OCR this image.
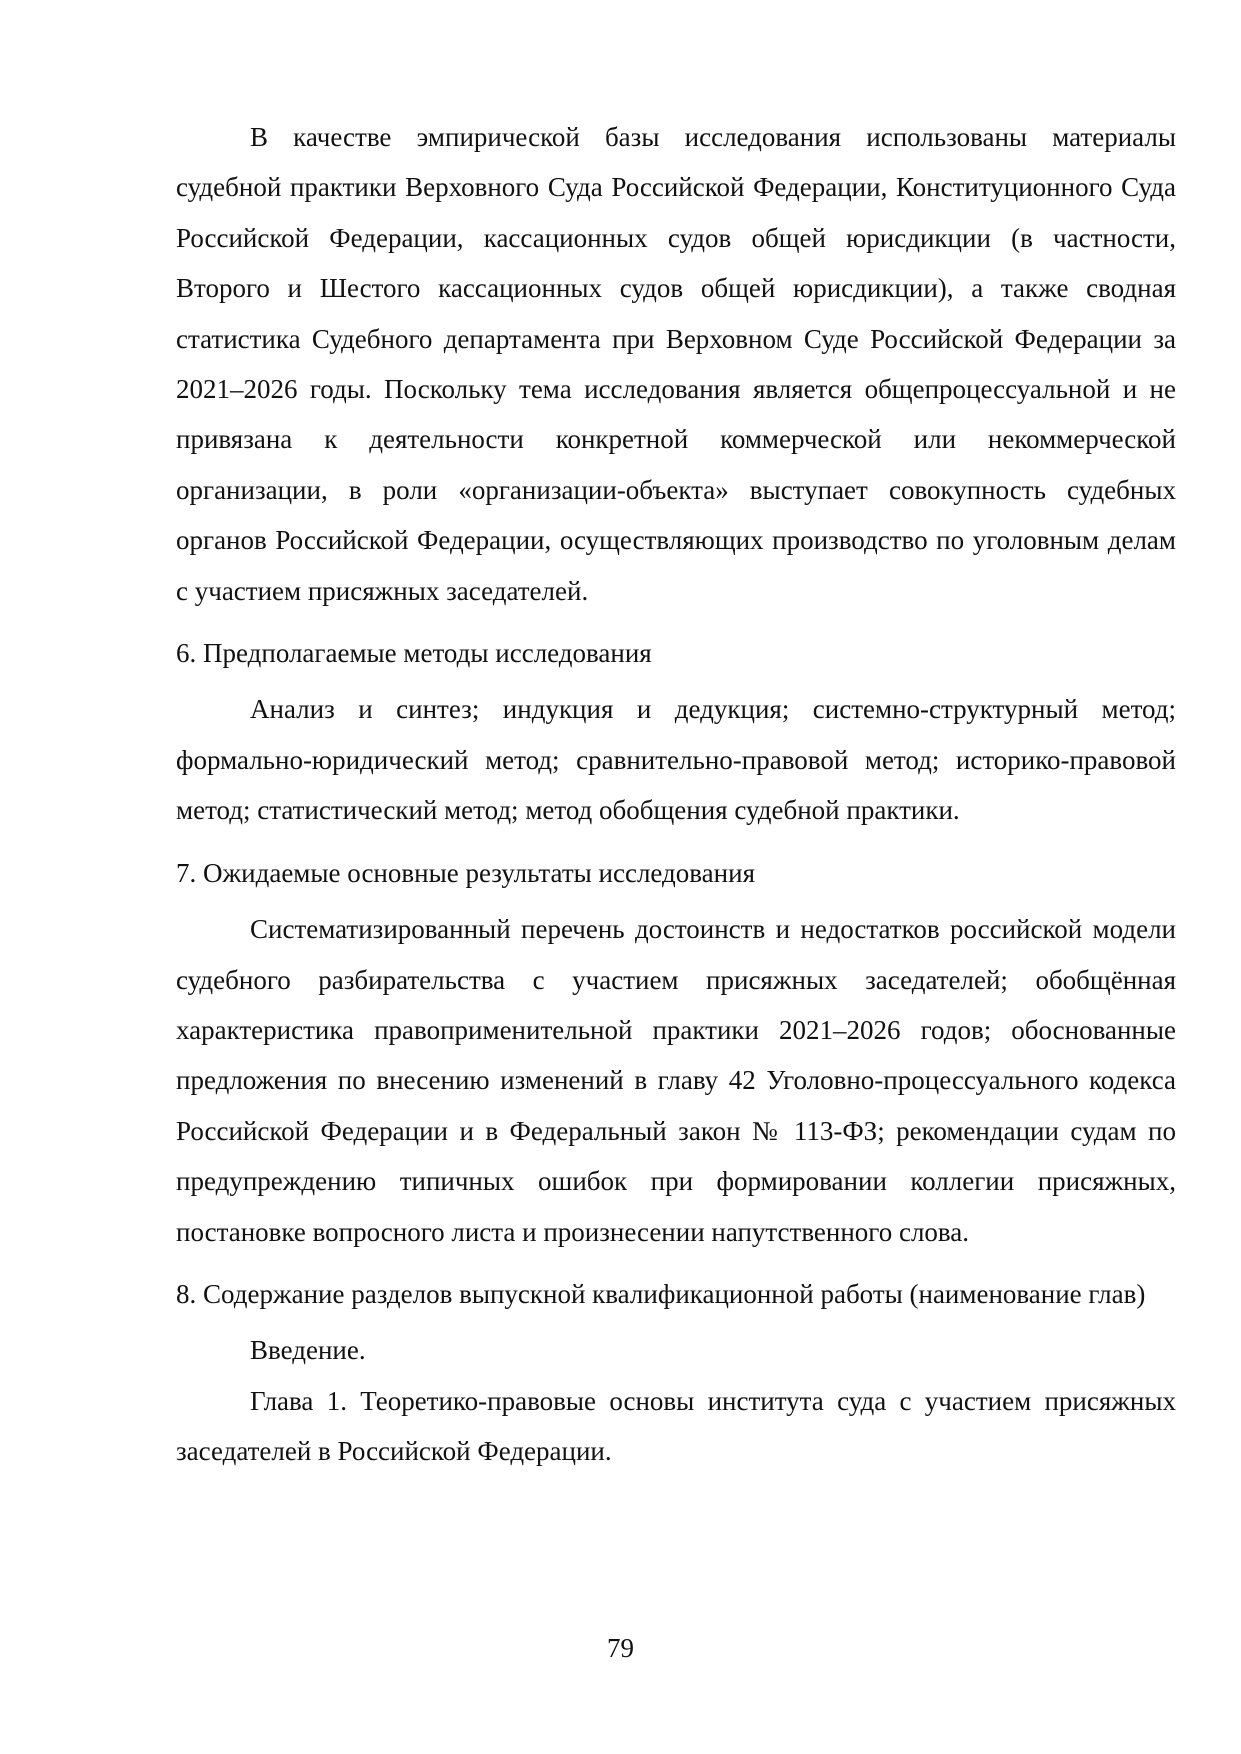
В качестве эмпирической базы исследования использованы материалы судебной практики Верховного Суда Российской Федерации, Конституционного Суда Российской Федерации, кассационных судов общей юрисдикции (в частности, Второго и Шестого кассационных судов общей юрисдикции), а также сводная статистика Судебного департамента при Верховном Суде Российской Федерации за 2021–2026 годы. Поскольку тема исследования является общепроцессуальной и не привязана к деятельности конкретной коммерческой или некоммерческой организации, в роли «организации-объекта» выступает совокупность судебных органов Российской Федерации, осуществляющих производство по уголовным делам с участием присяжных заседателей.

6. Предполагаемые методы исследования

Анализ и синтез; индукция и дедукция; системно-структурный метод; формально-юридический метод; сравнительно-правовой метод; историко-правовой метод; статистический метод; метод обобщения судебной практики.

7. Ожидаемые основные результаты исследования

Систематизированный перечень достоинств и недостатков российской модели судебного разбирательства с участием присяжных заседателей; обобщённая характеристика правоприменительной практики 2021–2026 годов; обоснованные предложения по внесению изменений в главу 42 Уголовно-процессуального кодекса Российской Федерации и в Федеральный закон № 113-ФЗ; рекомендации судам по предупреждению типичных ошибок при формировании коллегии присяжных, постановке вопросного листа и произнесении напутственного слова.

8. Содержание разделов выпускной квалификационной работы (наименование глав)

Введение.

Глава 1. Теоретико-правовые основы института суда с участием присяжных заседателей в Российской Федерации.

79
